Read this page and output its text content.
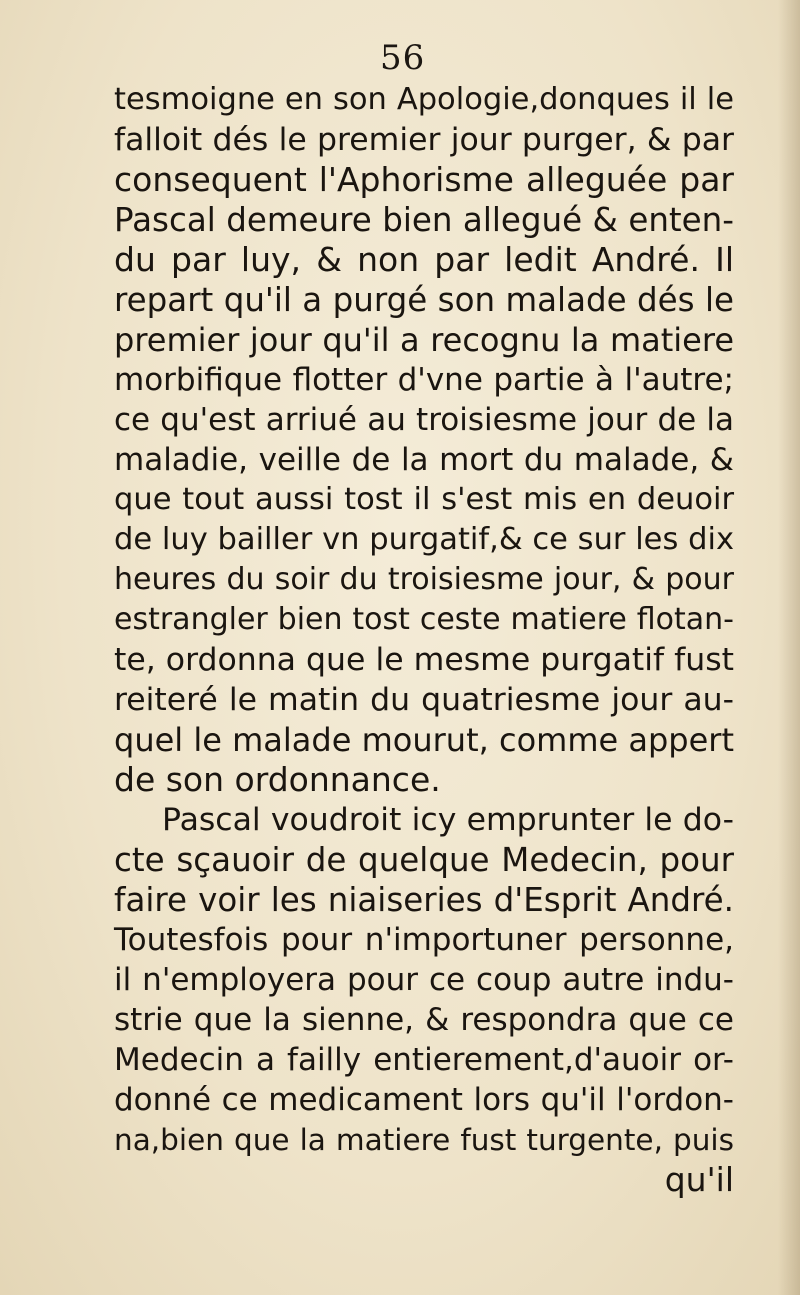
56
tesmoigne en son Apologie,donques il le
falloit dés le premier jour purger, & par
consequent l'Aphorisme alleguée par
Pascal demeure bien allegué & enten-
du par luy, & non par ledit André. Il
repart qu'il a purgé son malade dés le
premier jour qu'il a recognu la matiere
morbifique flotter d'vne partie à l'autre;
ce qu'est arriué au troisiesme jour de la
maladie, veille de la mort du malade, &
que tout aussi tost il s'est mis en deuoir
de luy bailler vn purgatif,& ce sur les dix
heures du soir du troisiesme jour, & pour
estrangler bien tost ceste matiere flotan-
te, ordonna que le mesme purgatif fust
reiteré le matin du quatriesme jour au-
quel le malade mourut, comme appert
de son ordonnance.
Pascal voudroit icy emprunter le do-
cte sçauoir de quelque Medecin, pour
faire voir les niaiseries d'Esprit André.
Toutesfois pour n'importuner personne,
il n'employera pour ce coup autre indu-
strie que la sienne, & respondra que ce
Medecin a failly entierement,d'auoir or-
donné ce medicament lors qu'il l'ordon-
na,bien que la matiere fust turgente, puis
qu'il
